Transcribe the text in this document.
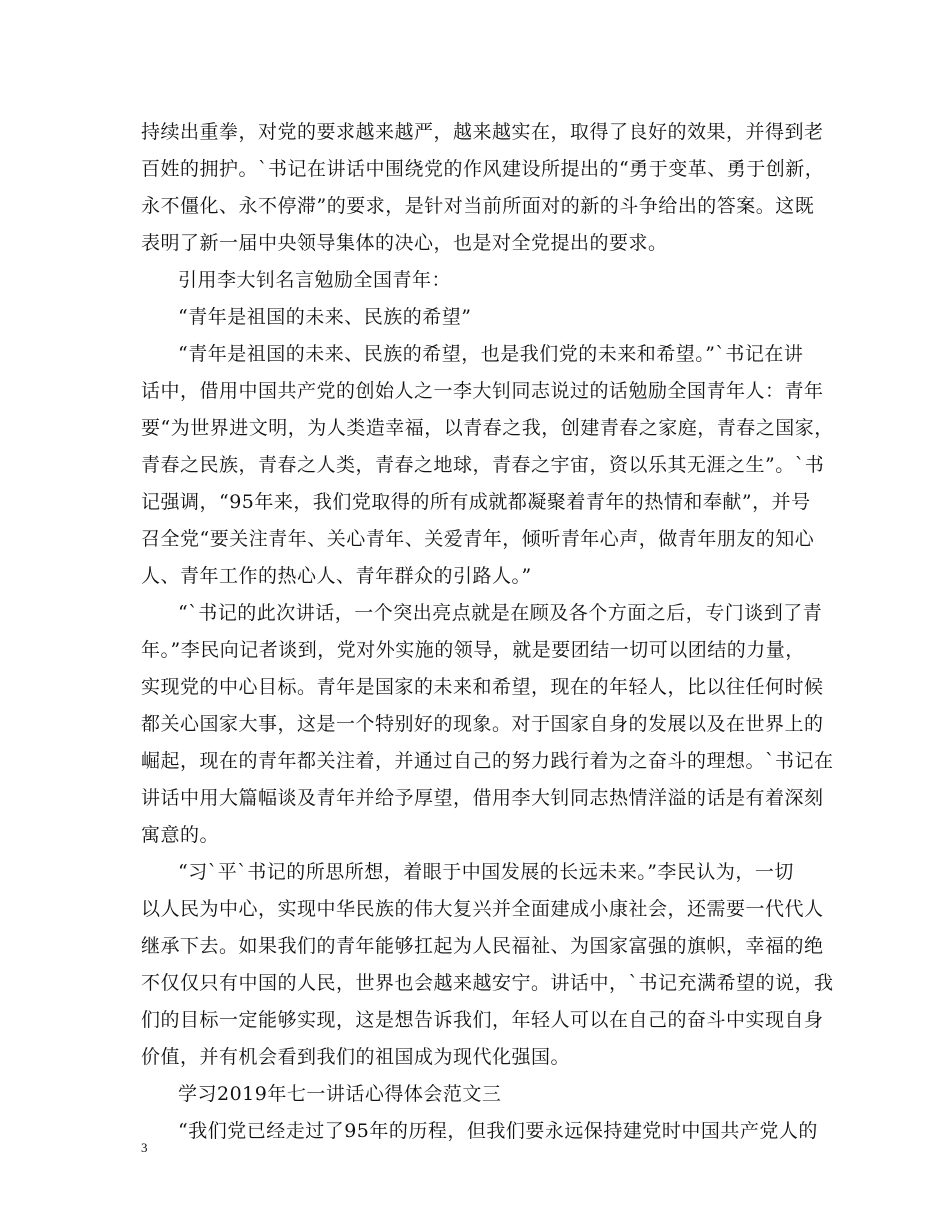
持续出重拳，对党的要求越来越严，越来越实在，取得了良好的效果，并得到老
百姓的拥护。`书记在讲话中围绕党的作风建设所提出的“勇于变革、勇于创新，
永不僵化、永不停滞”的要求，是针对当前所面对的新的斗争给出的答案。这既
表明了新一届中央领导集体的决心，也是对全党提出的要求。
引用李大钊名言勉励全国青年：
“青年是祖国的未来、民族的希望”
“青年是祖国的未来、民族的希望，也是我们党的未来和希望。”`书记在讲
话中，借用中国共产党的创始人之一李大钊同志说过的话勉励全国青年人：青年
要“为世界进文明，为人类造幸福，以青春之我，创建青春之家庭，青春之国家，
青春之民族，青春之人类，青春之地球，青春之宇宙，资以乐其无涯之生”。`书
记强调，“95年来，我们党取得的所有成就都凝聚着青年的热情和奉献”，并号
召全党“要关注青年、关心青年、关爱青年，倾听青年心声，做青年朋友的知心
人、青年工作的热心人、青年群众的引路人。”
“`书记的此次讲话，一个突出亮点就是在顾及各个方面之后，专门谈到了青
年。”李民向记者谈到，党对外实施的领导，就是要团结一切可以团结的力量，
实现党的中心目标。青年是国家的未来和希望，现在的年轻人，比以往任何时候
都关心国家大事，这是一个特别好的现象。对于国家自身的发展以及在世界上的
崛起，现在的青年都关注着，并通过自己的努力践行着为之奋斗的理想。`书记在
讲话中用大篇幅谈及青年并给予厚望，借用李大钊同志热情洋溢的话是有着深刻
寓意的。
“习`平`书记的所思所想，着眼于中国发展的长远未来。”李民认为，一切
以人民为中心，实现中华民族的伟大复兴并全面建成小康社会，还需要一代代人
继承下去。如果我们的青年能够扛起为人民福祉、为国家富强的旗帜，幸福的绝
不仅仅只有中国的人民，世界也会越来越安宁。讲话中，`书记充满希望的说，我
们的目标一定能够实现，这是想告诉我们，年轻人可以在自己的奋斗中实现自身
价值，并有机会看到我们的祖国成为现代化强国。
学习2019年七一讲话心得体会范文三
“我们党已经走过了95年的历程，但我们要永远保持建党时中国共产党人的
3
